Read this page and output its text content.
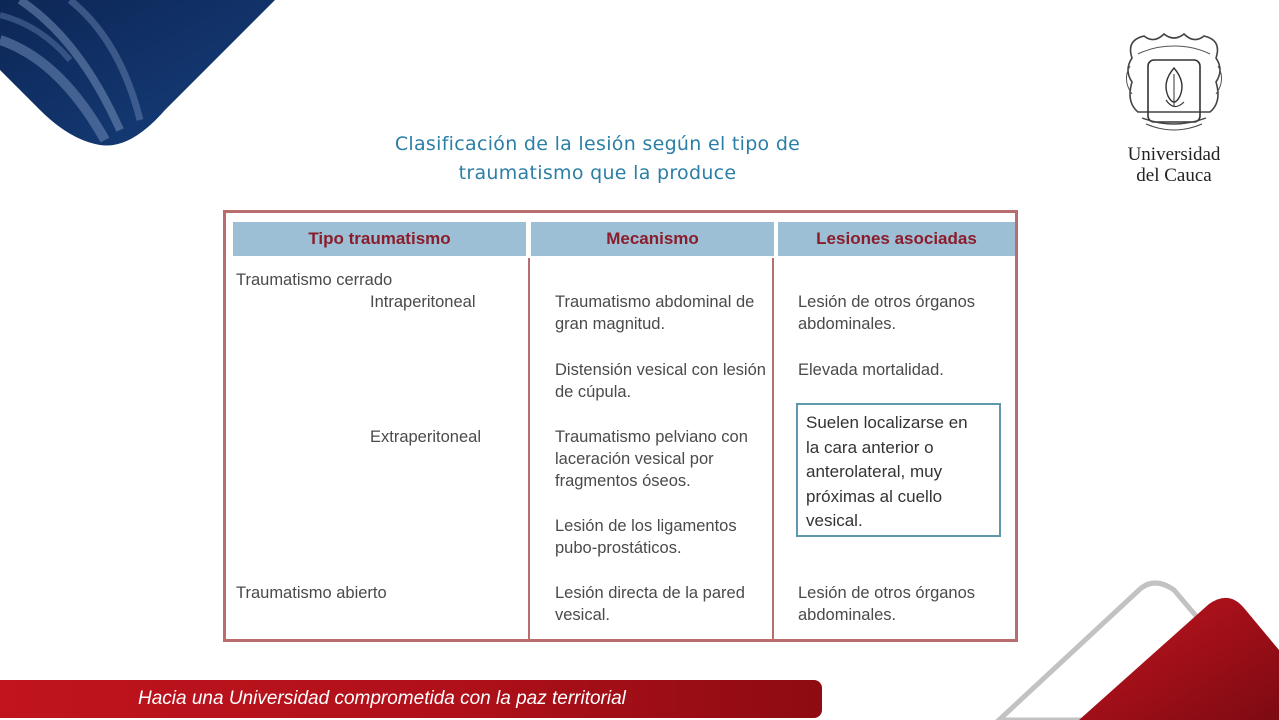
Universidad
del Cauca
Clasificación de la lesión según el tipo de
traumatismo que la produce
Tipo traumatismo	Mecanismo	Lesiones asociadas
Traumatismo cerrado
Intraperitoneal
Extraperitoneal
Traumatismo abierto
Traumatismo abdominal de
gran magnitud.
Distensión vesical con lesión
de cúpula.
Traumatismo pelviano con
laceración vesical por
fragmentos óseos.
Lesión de los ligamentos
pubo-prostáticos.
Lesión directa de la pared
vesical.
Lesión de otros órganos
abdominales.
Elevada mortalidad.
Lesión de otros órganos
abdominales.
Suelen localizarse en
la cara anterior o
anterolateral, muy
próximas al cuello
vesical.
Hacia una Universidad comprometida con la paz territorial
